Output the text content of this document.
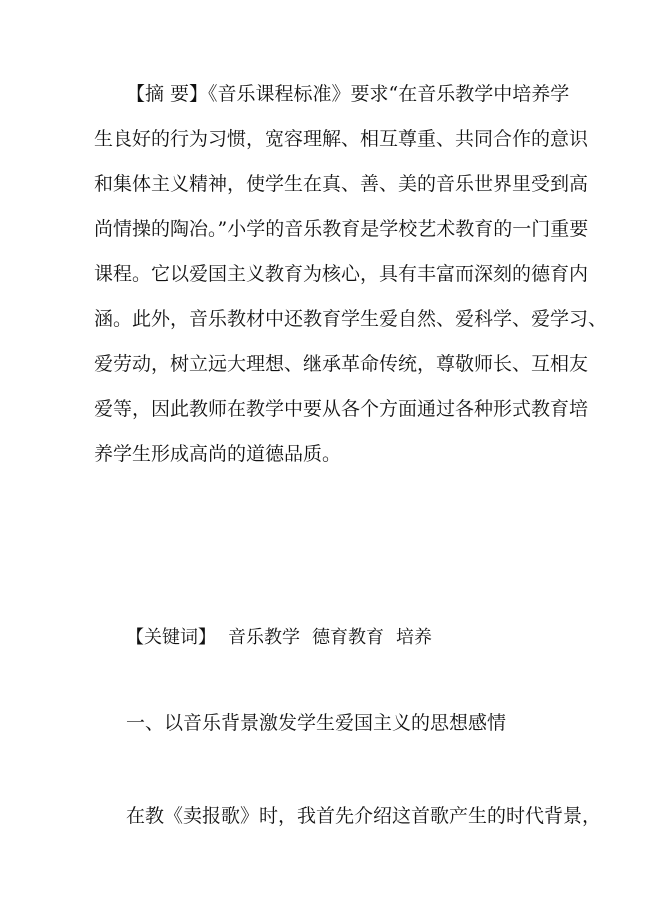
【摘 要】《音乐课程标准》要求“在音乐教学中培养学
生良好的行为习惯，宽容理解、相互尊重、共同合作的意识
和集体主义精神，使学生在真、善、美的音乐世界里受到高
尚情操的陶冶。”小学的音乐教育是学校艺术教育的一门重要
课程。它以爱国主义教育为核心，具有丰富而深刻的德育内
涵。此外，音乐教材中还教育学生爱自然、爱科学、爱学习、
爱劳动，树立远大理想、继承革命传统，尊敬师长、互相友
爱等，因此教师在教学中要从各个方面通过各种形式教育培
养学生形成高尚的道德品质。
【关键词】 音乐教学 德育教育 培养
一、以音乐背景激发学生爱国主义的思想感情
在教《卖报歌》时，我首先介绍这首歌产生的时代背景，
